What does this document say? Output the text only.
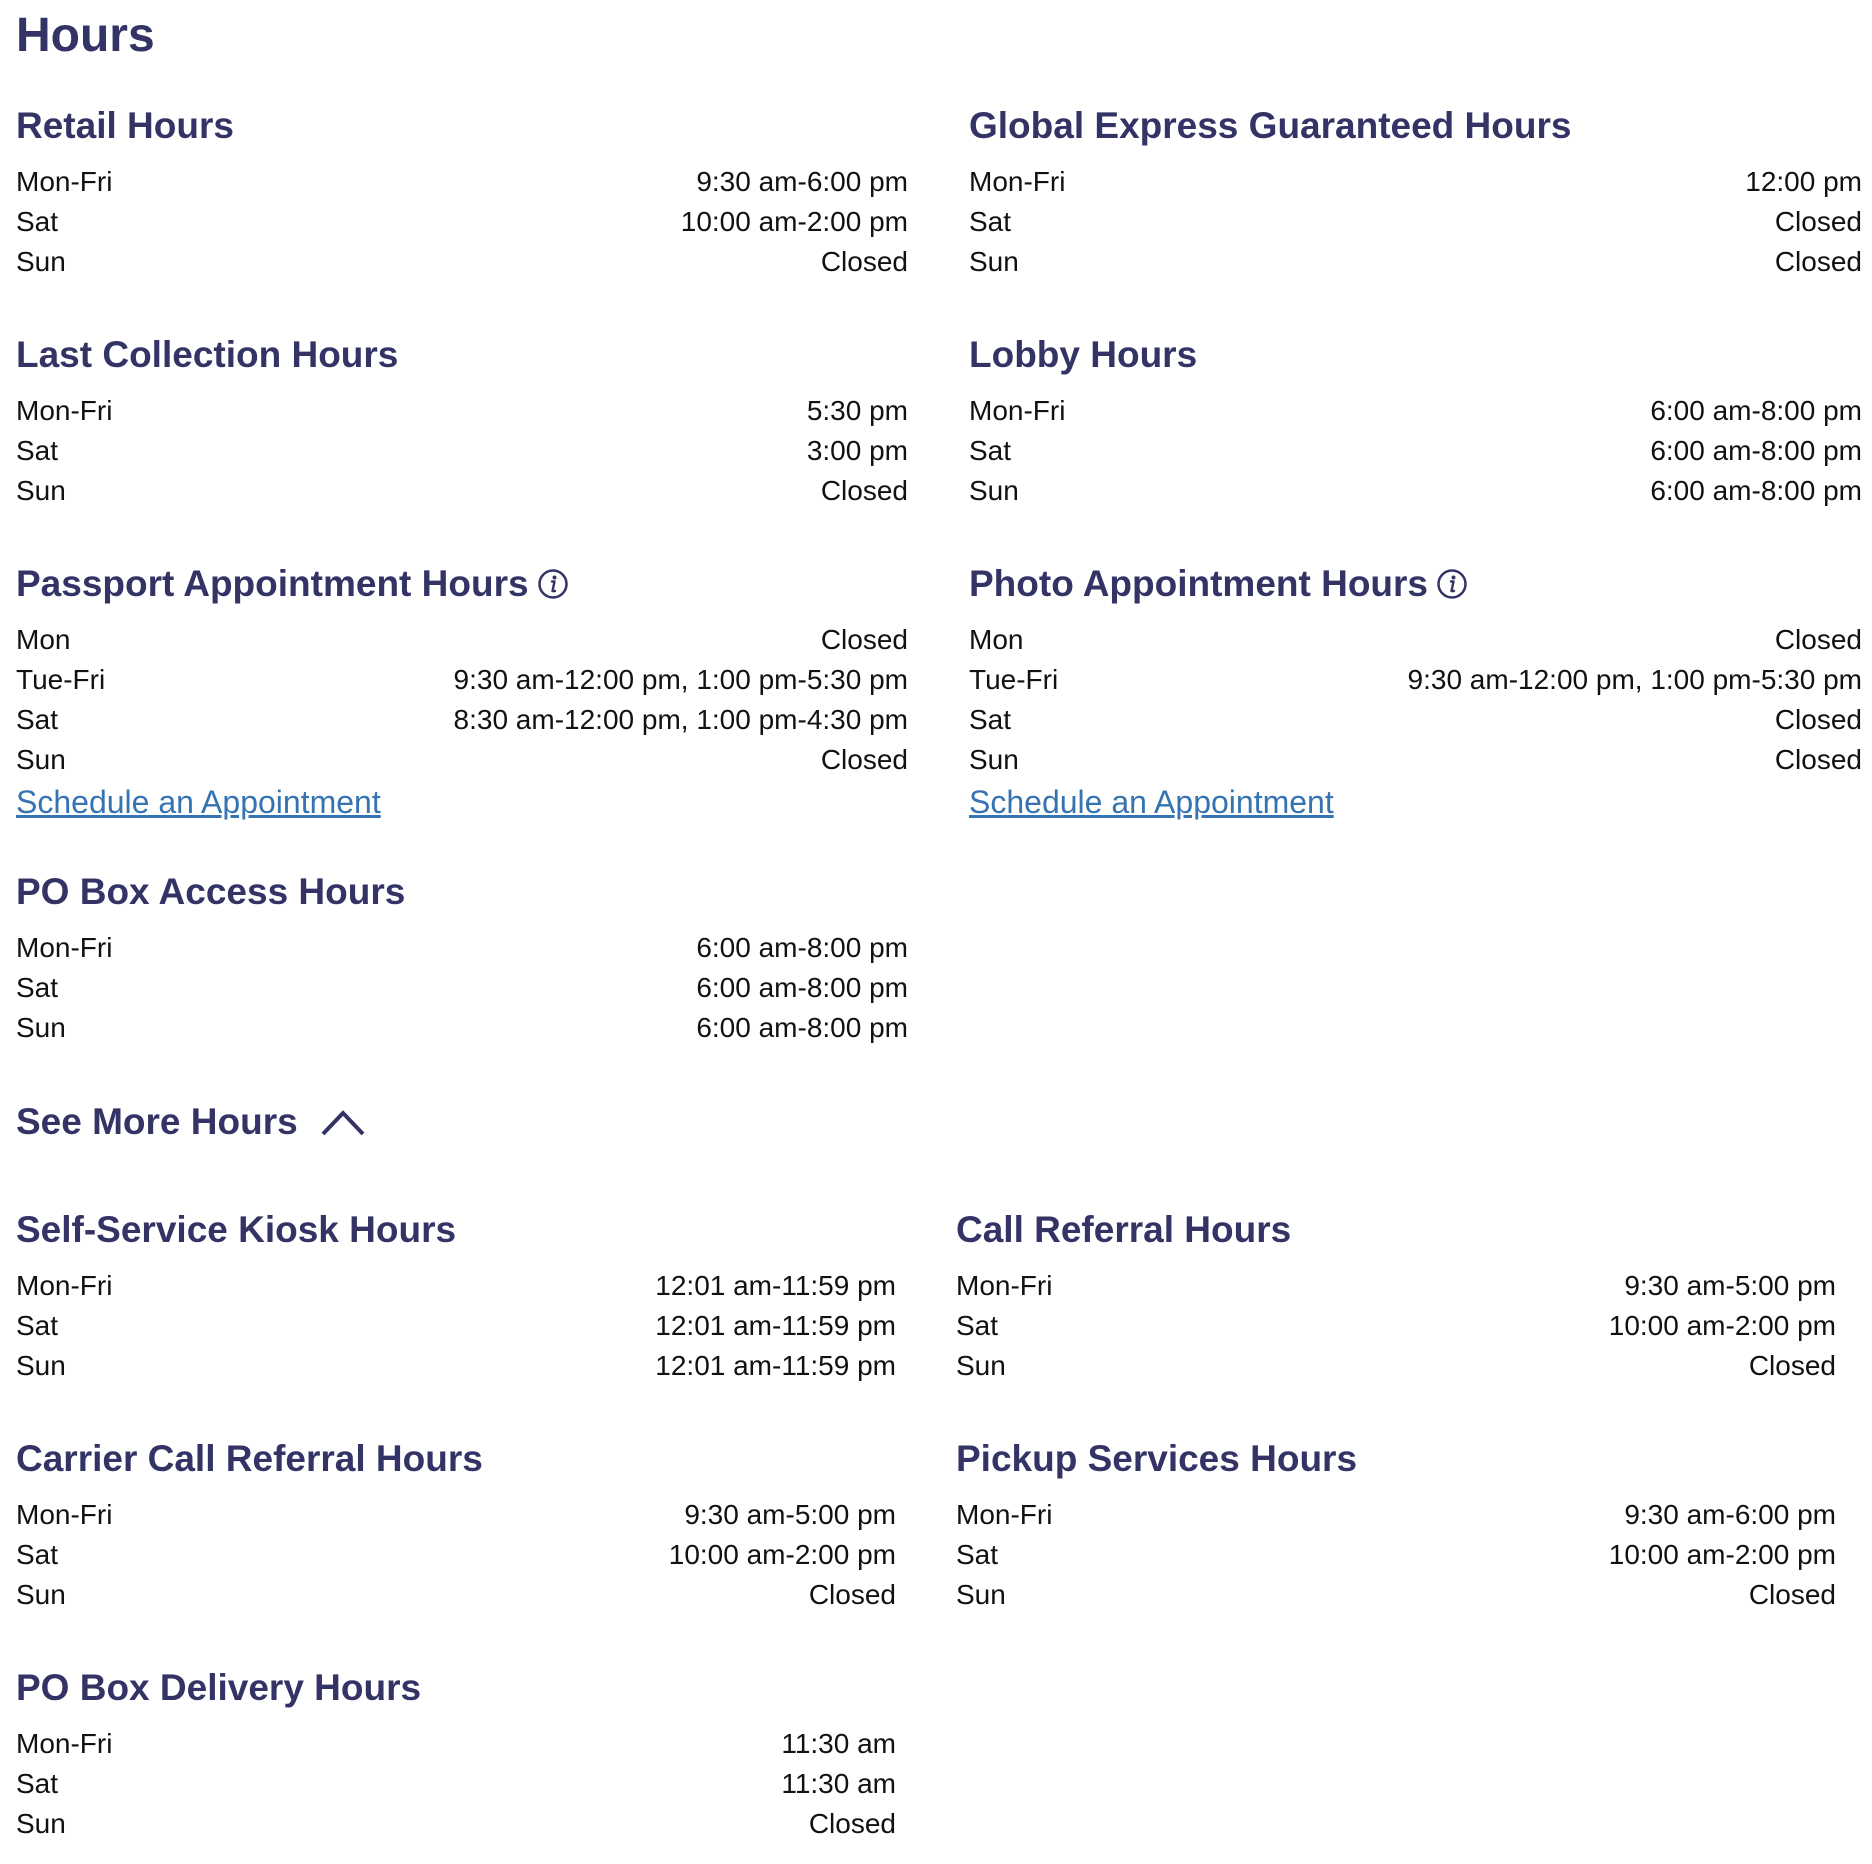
Hours
Retail Hours
Mon-Fri	9:30 am-6:00 pm
Sat	10:00 am-2:00 pm
Sun	Closed
Global Express Guaranteed Hours
Mon-Fri	12:00 pm
Sat	Closed
Sun	Closed
Last Collection Hours
Mon-Fri	5:30 pm
Sat	3:00 pm
Sun	Closed
Lobby Hours
Mon-Fri	6:00 am-8:00 pm
Sat	6:00 am-8:00 pm
Sun	6:00 am-8:00 pm
Passport Appointment Hours
Mon	Closed
Tue-Fri	9:30 am-12:00 pm, 1:00 pm-5:30 pm
Sat	8:30 am-12:00 pm, 1:00 pm-4:30 pm
Sun	Closed
Schedule an Appointment
Photo Appointment Hours
Mon	Closed
Tue-Fri	9:30 am-12:00 pm, 1:00 pm-5:30 pm
Sat	Closed
Sun	Closed
Schedule an Appointment
PO Box Access Hours
Mon-Fri	6:00 am-8:00 pm
Sat	6:00 am-8:00 pm
Sun	6:00 am-8:00 pm
See More Hours
Self-Service Kiosk Hours
Mon-Fri	12:01 am-11:59 pm
Sat	12:01 am-11:59 pm
Sun	12:01 am-11:59 pm
Call Referral Hours
Mon-Fri	9:30 am-5:00 pm
Sat	10:00 am-2:00 pm
Sun	Closed
Carrier Call Referral Hours
Mon-Fri	9:30 am-5:00 pm
Sat	10:00 am-2:00 pm
Sun	Closed
Pickup Services Hours
Mon-Fri	9:30 am-6:00 pm
Sat	10:00 am-2:00 pm
Sun	Closed
PO Box Delivery Hours
Mon-Fri	11:30 am
Sat	11:30 am
Sun	Closed
